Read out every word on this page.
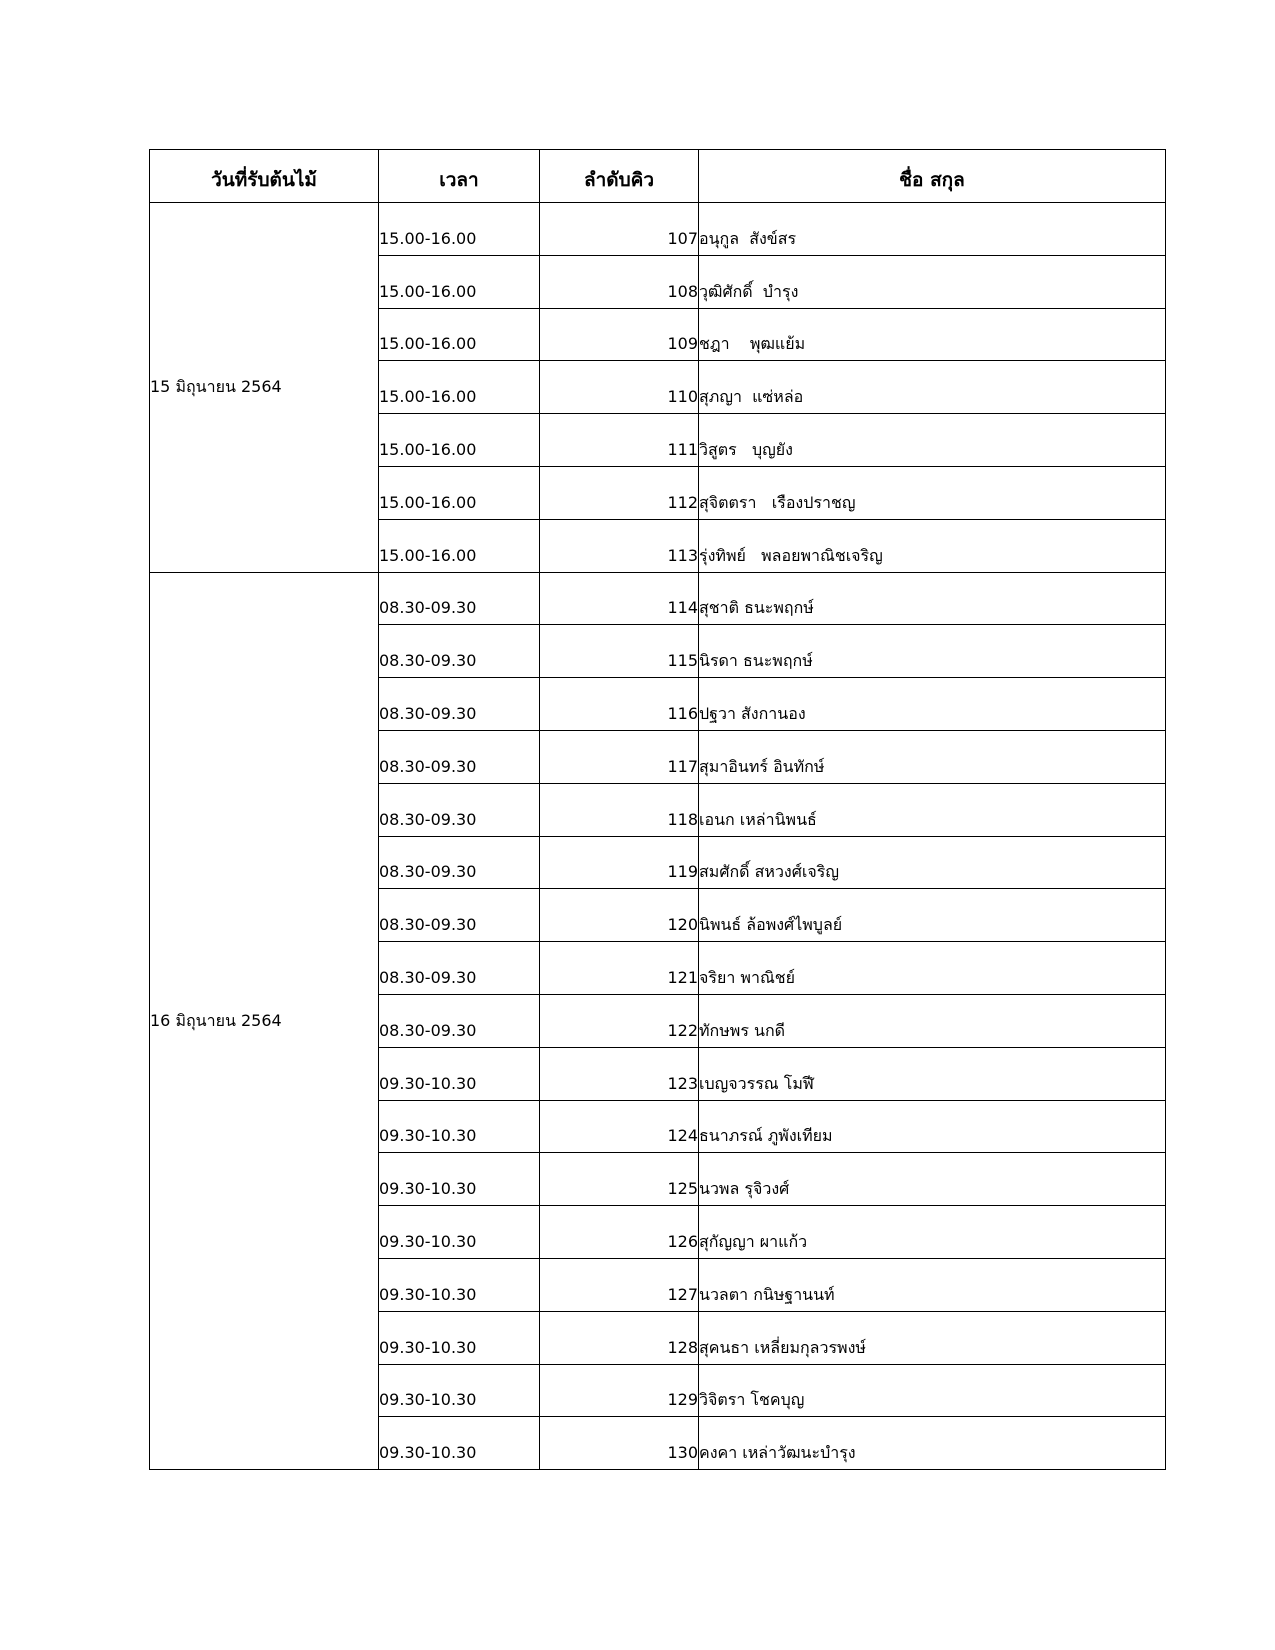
วันที่รับต้นไม้	เวลา	ลำดับคิว	ชื่อ สกุล
15 มิถุนายน 2564	15.00-16.00	107	อนุกูล  สังข์สร
	15.00-16.00	108	วุฒิศักดิ์  บำรุง
	15.00-16.00	109	ชฎา    พุฒแย้ม
	15.00-16.00	110	สุภญา  แซ่หล่อ
	15.00-16.00	111	วิสูตร   บุญยัง
	15.00-16.00	112	สุจิตตรา   เรืองปราชญ
	15.00-16.00	113	รุ่งทิพย์   พลอยพาณิชเจริญ
16 มิถุนายน 2564	08.30-09.30	114	สุชาติ ธนะพฤกษ์
	08.30-09.30	115	นิรดา ธนะพฤกษ์
	08.30-09.30	116	ปฐวา สังกานอง
	08.30-09.30	117	สุมาอินทร์ อินทักษ์
	08.30-09.30	118	เอนก เหล่านิพนธ์
	08.30-09.30	119	สมศักดิ์ สหวงศ์เจริญ
	08.30-09.30	120	นิพนธ์ ล้อพงศ์ไพบูลย์
	08.30-09.30	121	จริยา พาณิชย์
	08.30-09.30	122	ทักษพร นกดี
	09.30-10.30	123	เบญจวรรณ โมฬี
	09.30-10.30	124	ธนาภรณ์ ภูพังเทียม
	09.30-10.30	125	นวพล รุจิวงศ์
	09.30-10.30	126	สุกัญญา ผาแก้ว
	09.30-10.30	127	นวลตา กนิษฐานนท์
	09.30-10.30	128	สุคนธา เหลี่ยมกุลวรพงษ์
	09.30-10.30	129	วิจิตรา โชคบุญ
	09.30-10.30	130	คงคา เหล่าวัฒนะบำรุง
